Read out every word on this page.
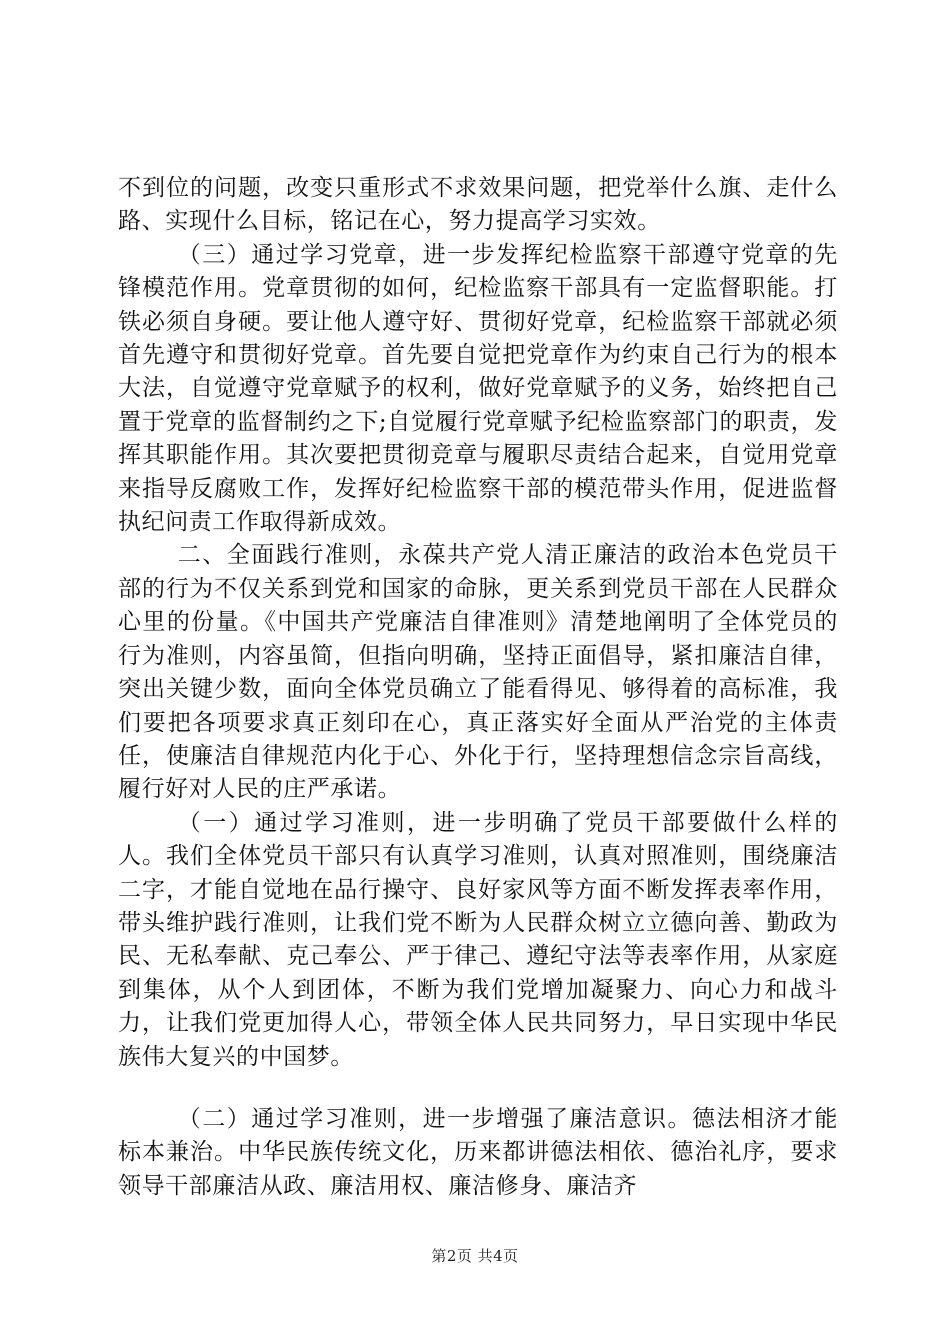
不到位的问题，改变只重形式不求效果问题，把党举什么旗、走什么路、实现什么目标，铭记在心，努力提高学习实效。

（三）通过学习党章，进一步发挥纪检监察干部遵守党章的先锋模范作用。党章贯彻的如何，纪检监察干部具有一定监督职能。打铁必须自身硬。要让他人遵守好、贯彻好党章，纪检监察干部就必须首先遵守和贯彻好党章。首先要自觉把党章作为约束自己行为的根本大法，自觉遵守党章赋予的权利，做好党章赋予的义务，始终把自己置于党章的监督制约之下;自觉履行党章赋予纪检监察部门的职责，发挥其职能作用。其次要把贯彻竞章与履职尽责结合起来，自觉用党章来指导反腐败工作，发挥好纪检监察干部的模范带头作用，促进监督执纪问责工作取得新成效。

二、全面践行准则，永葆共产党人清正廉洁的政治本色党员干部的行为不仅关系到党和国家的命脉，更关系到党员干部在人民群众心里的份量。《中国共产党廉洁自律准则》清楚地阐明了全体党员的行为准则，内容虽简，但指向明确，坚持正面倡导，紧扣廉洁自律，突出关键少数，面向全体党员确立了能看得见、够得着的高标准，我们要把各项要求真正刻印在心，真正落实好全面从严治党的主体责任，使廉洁自律规范内化于心、外化于行，坚持理想信念宗旨高线，履行好对人民的庄严承诺。

（一）通过学习准则，进一步明确了党员干部要做什么样的人。我们全体党员干部只有认真学习准则，认真对照准则，围绕廉洁二字，才能自觉地在品行操守、良好家风等方面不断发挥表率作用，带头维护践行准则，让我们党不断为人民群众树立立德向善、勤政为民、无私奉献、克己奉公、严于律己、遵纪守法等表率作用，从家庭到集体，从个人到团体，不断为我们党增加凝聚力、向心力和战斗力，让我们党更加得人心，带领全体人民共同努力，早日实现中华民族伟大复兴的中国梦。

（二）通过学习准则，进一步增强了廉洁意识。德法相济才能标本兼治。中华民族传统文化，历来都讲德法相依、德治礼序，要求领导干部廉洁从政、廉洁用权、廉洁修身、廉洁齐

第2页 共4页
